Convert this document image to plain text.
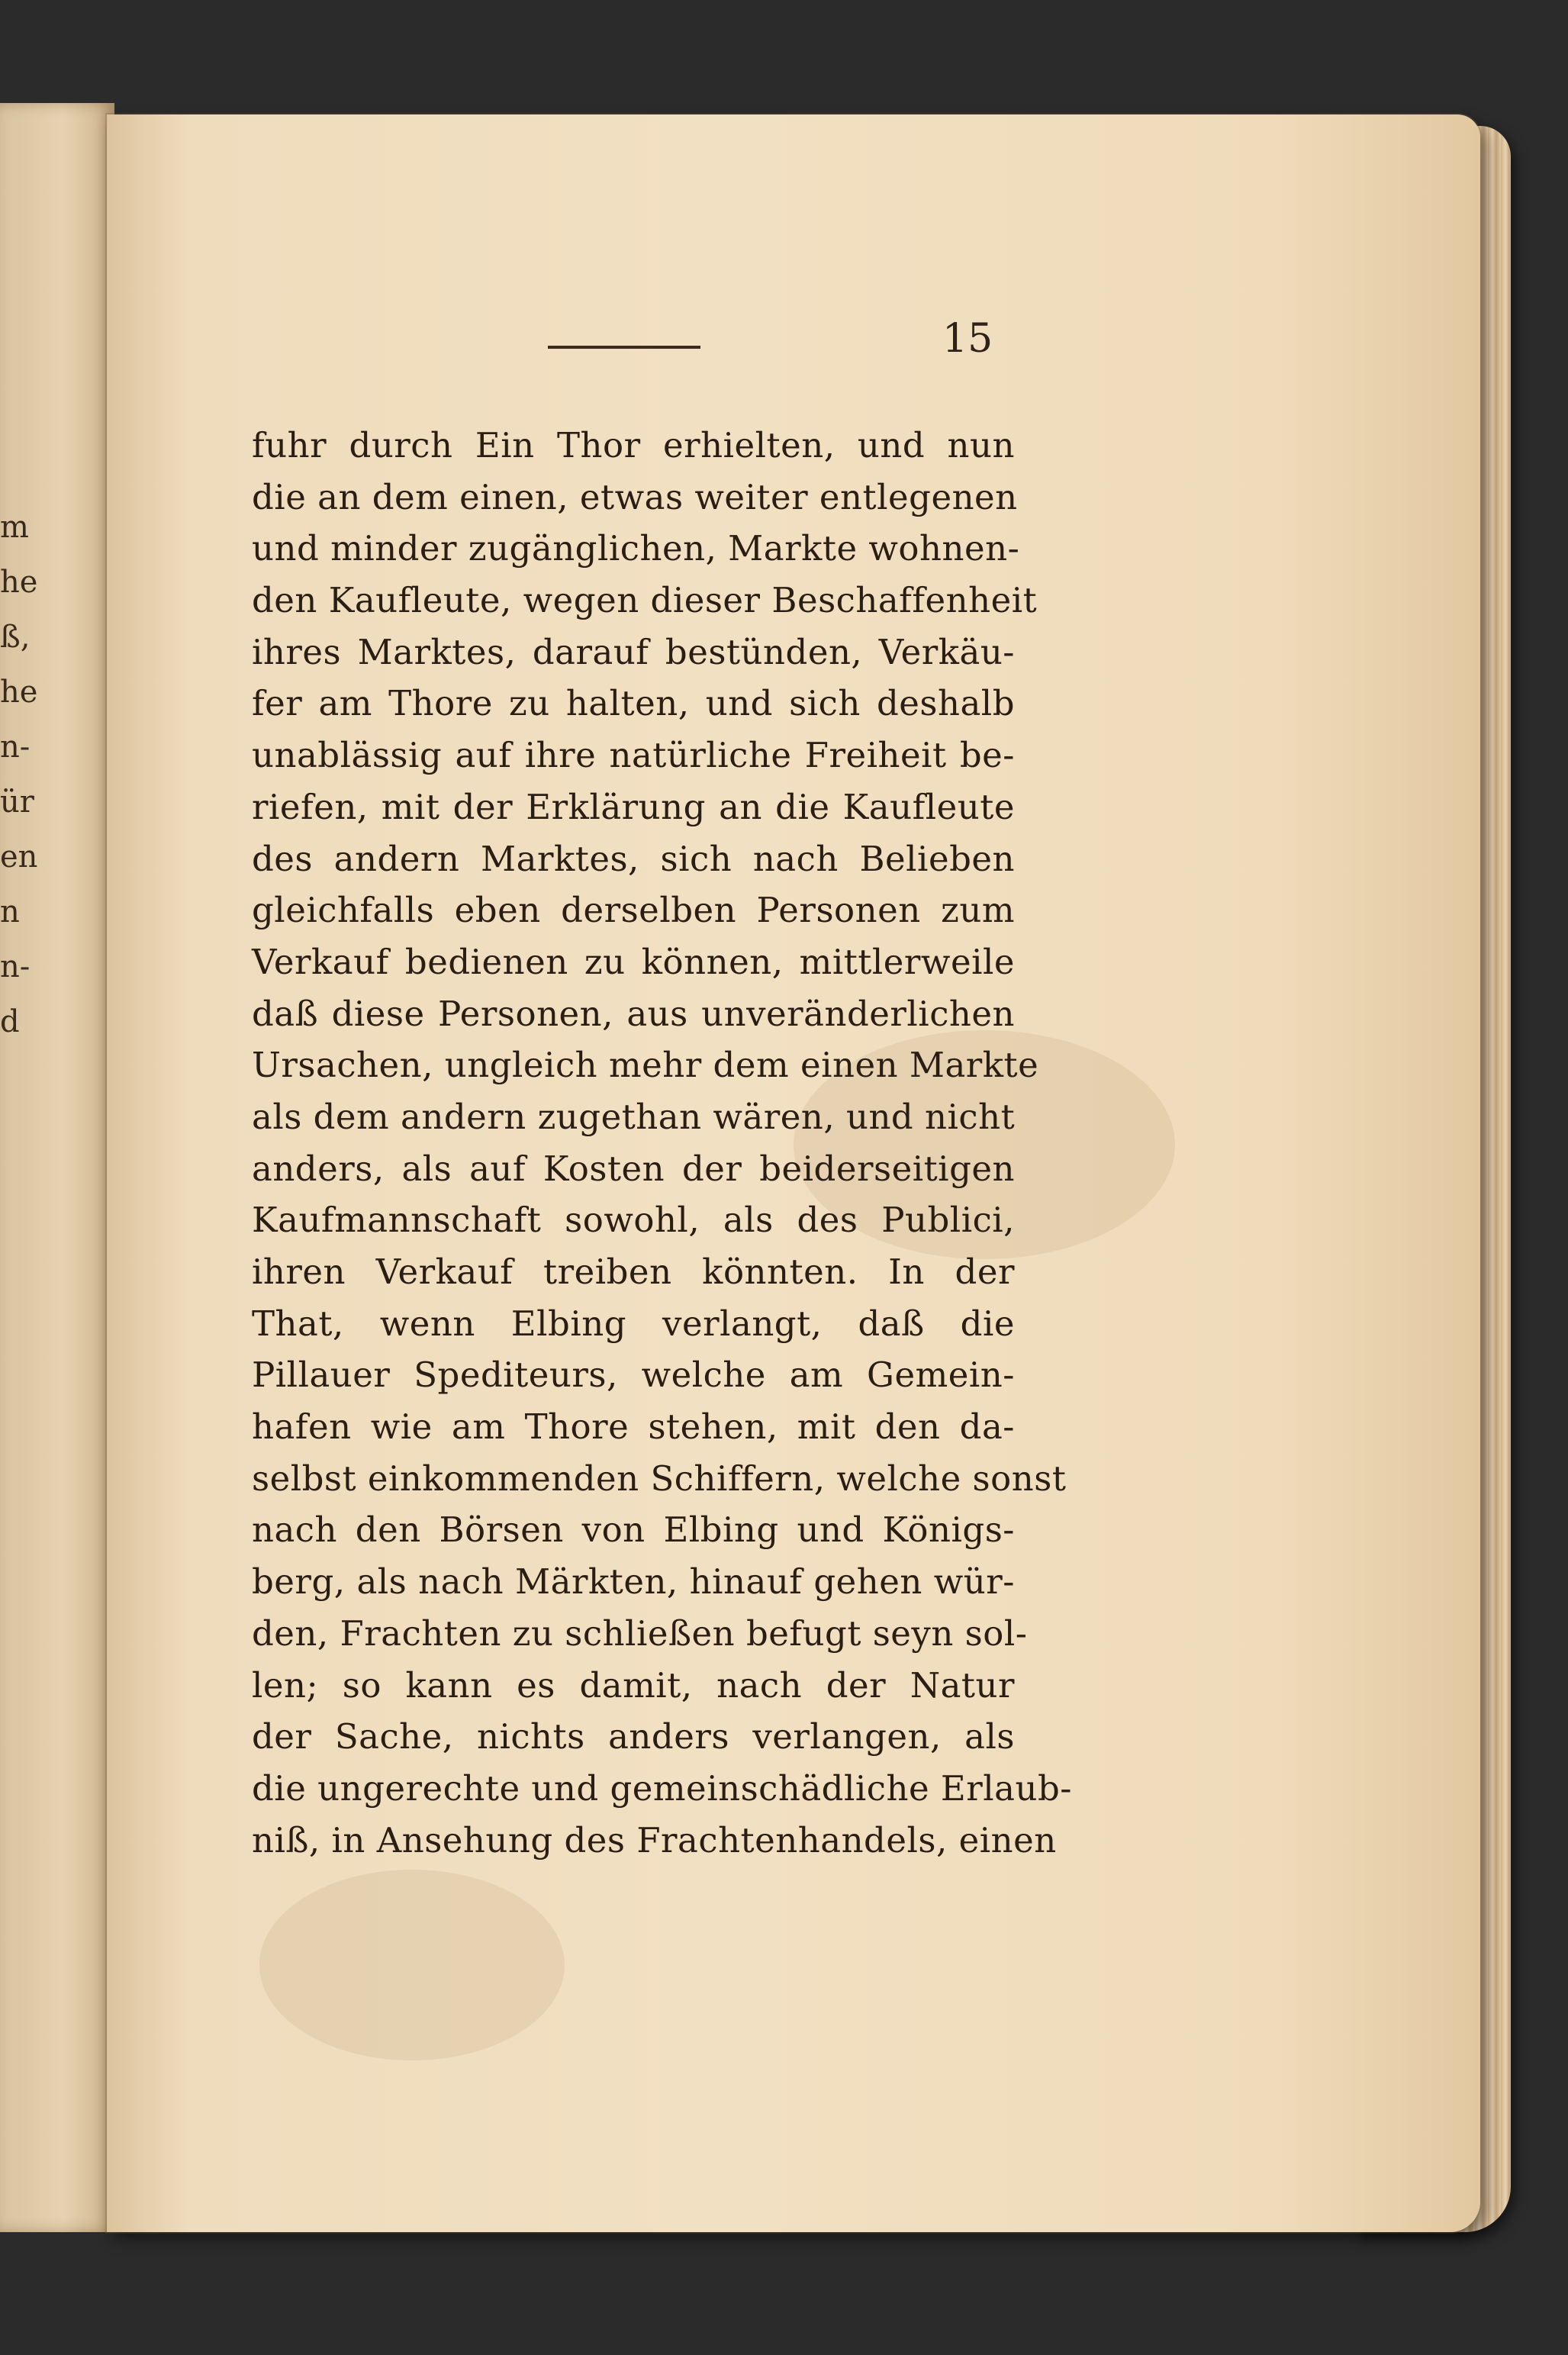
m
he
ß,
he
n-
ür
en
n
n-
d
15
fuhr durch Ein Thor erhielten, und nun
die an dem einen, etwas weiter entlegenen
und minder zugänglichen, Markte wohnen-
den Kaufleute, wegen dieser Beschaffenheit
ihres Marktes, darauf bestünden, Verkäu-
fer am Thore zu halten, und sich deshalb
unablässig auf ihre natürliche Freiheit be-
riefen, mit der Erklärung an die Kaufleute
des andern Marktes, sich nach Belieben
gleichfalls eben derselben Personen zum
Verkauf bedienen zu können, mittlerweile
daß diese Personen, aus unveränderlichen
Ursachen, ungleich mehr dem einen Markte
als dem andern zugethan wären, und nicht
anders, als auf Kosten der beiderseitigen
Kaufmannschaft sowohl, als des Publici,
ihren Verkauf treiben könnten. In der
That, wenn Elbing verlangt, daß die
Pillauer Spediteurs, welche am Gemein-
hafen wie am Thore stehen, mit den da-
selbst einkommenden Schiffern, welche sonst
nach den Börsen von Elbing und Königs-
berg, als nach Märkten, hinauf gehen wür-
den, Frachten zu schließen befugt seyn sol-
len; so kann es damit, nach der Natur
der Sache, nichts anders verlangen, als
die ungerechte und gemeinschädliche Erlaub-
niß, in Ansehung des Frachtenhandels, einen
